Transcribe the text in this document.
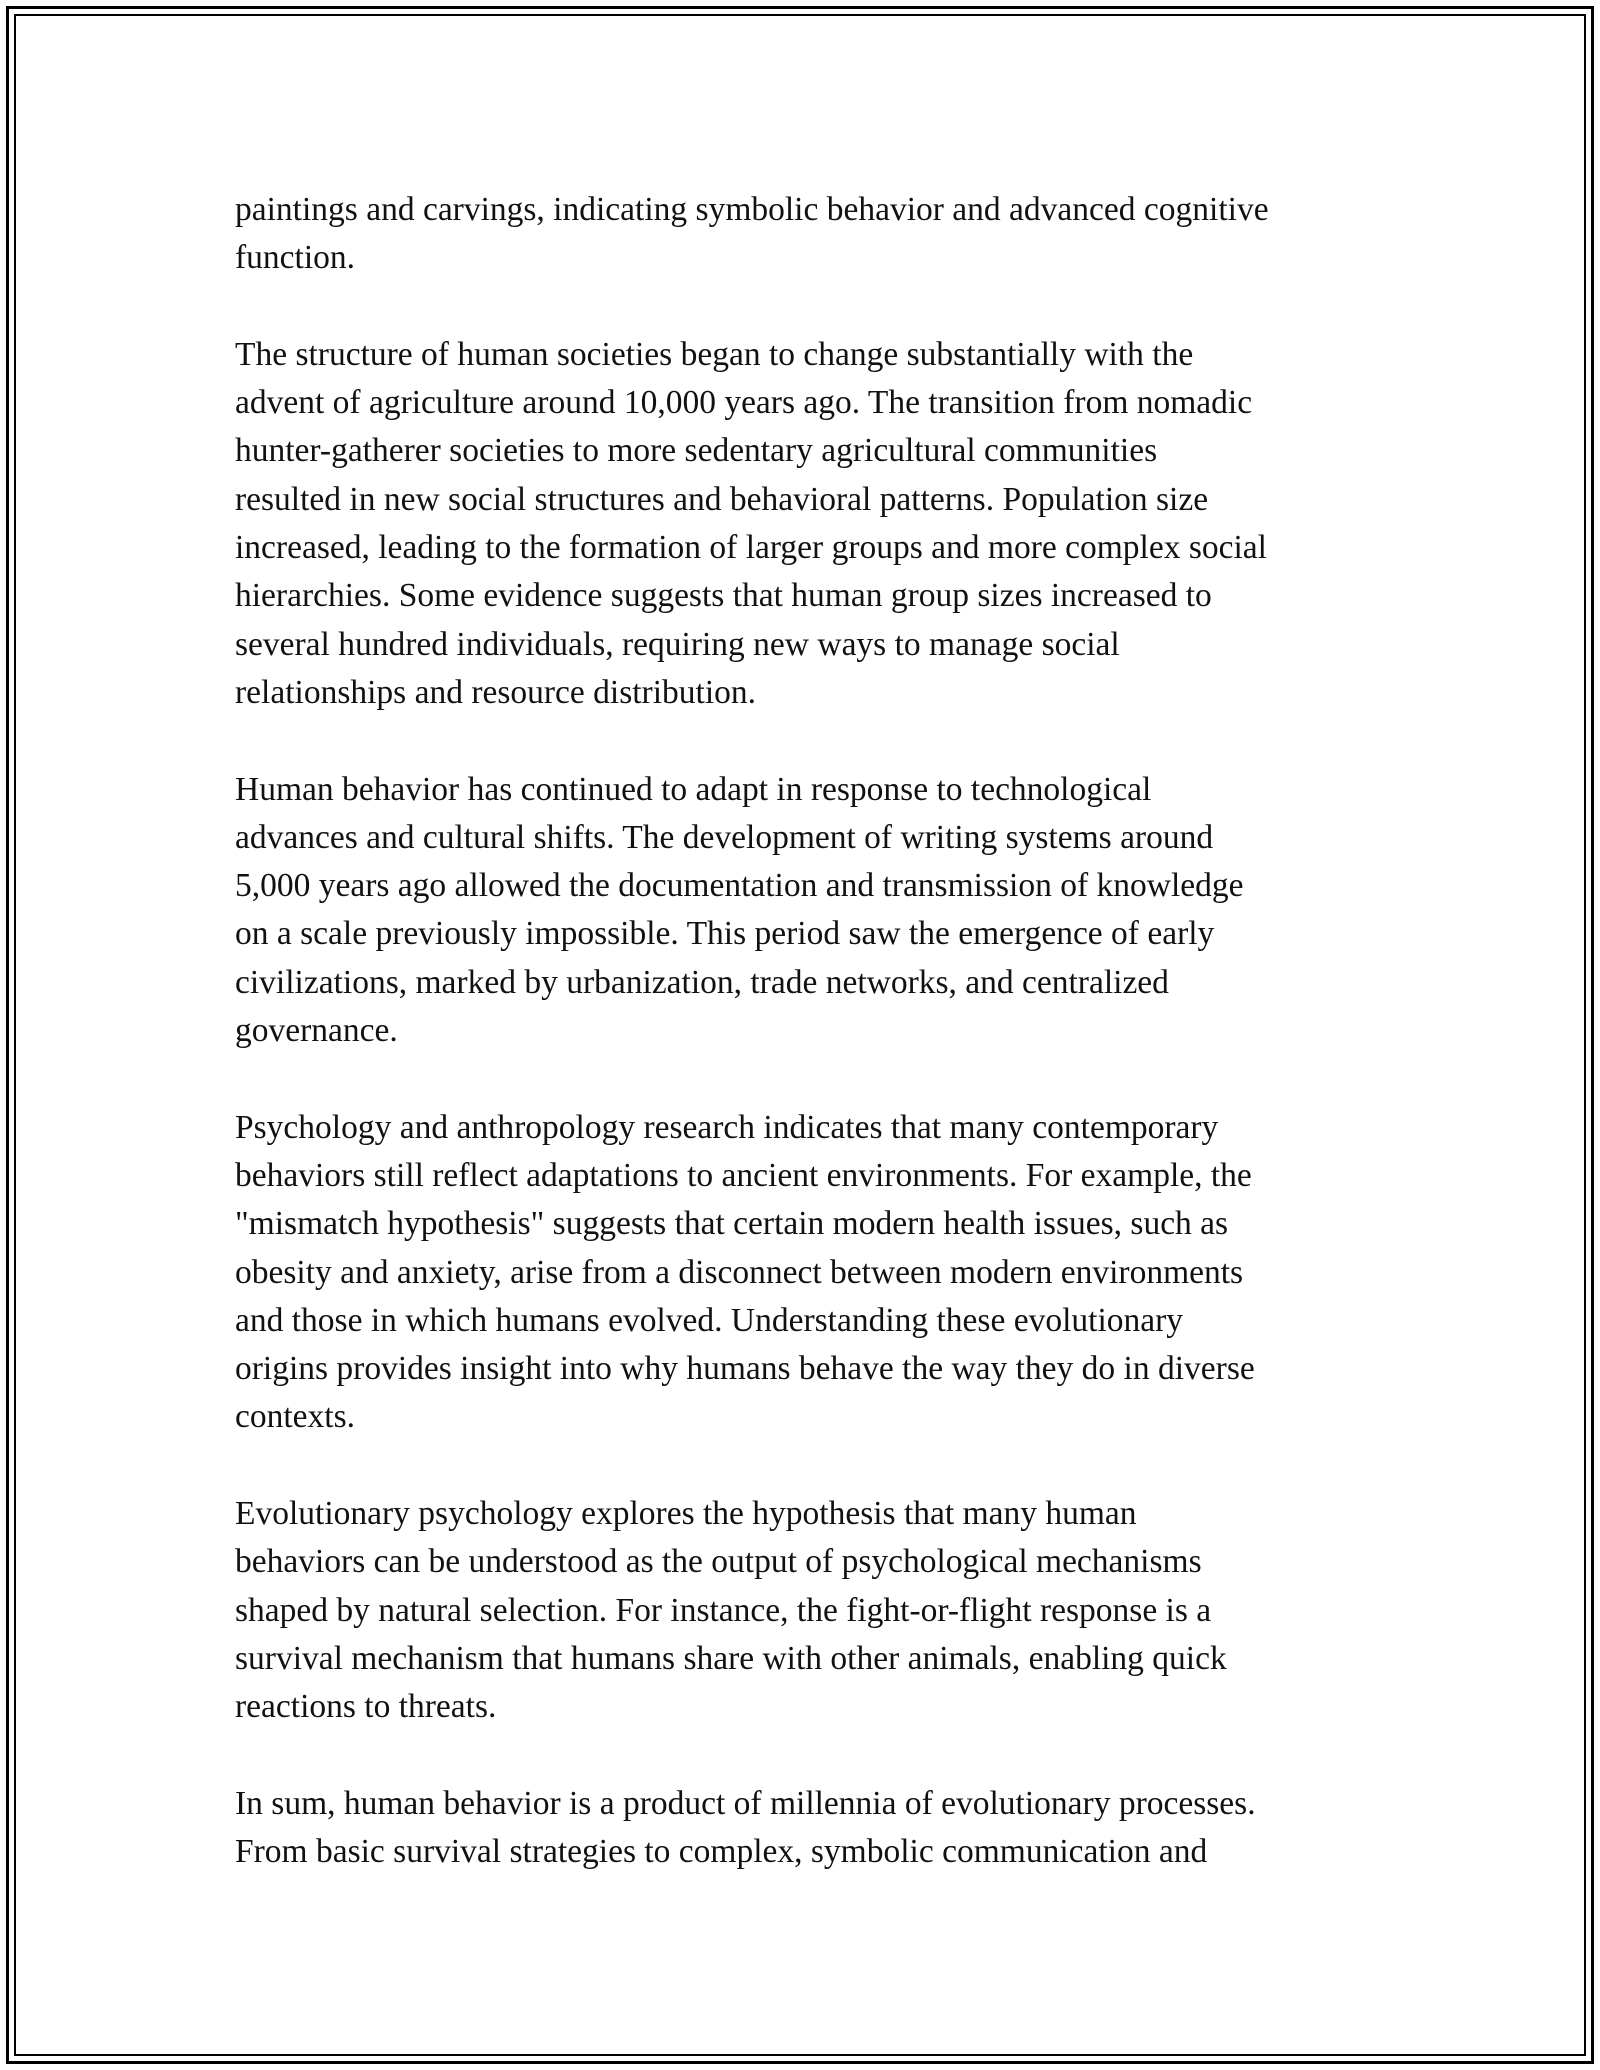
paintings and carvings, indicating symbolic behavior and advanced cognitive
function.

The structure of human societies began to change substantially with the
advent of agriculture around 10,000 years ago. The transition from nomadic
hunter-gatherer societies to more sedentary agricultural communities
resulted in new social structures and behavioral patterns. Population size
increased, leading to the formation of larger groups and more complex social
hierarchies. Some evidence suggests that human group sizes increased to
several hundred individuals, requiring new ways to manage social
relationships and resource distribution.

Human behavior has continued to adapt in response to technological
advances and cultural shifts. The development of writing systems around
5,000 years ago allowed the documentation and transmission of knowledge
on a scale previously impossible. This period saw the emergence of early
civilizations, marked by urbanization, trade networks, and centralized
governance.

Psychology and anthropology research indicates that many contemporary
behaviors still reflect adaptations to ancient environments. For example, the
"mismatch hypothesis" suggests that certain modern health issues, such as
obesity and anxiety, arise from a disconnect between modern environments
and those in which humans evolved. Understanding these evolutionary
origins provides insight into why humans behave the way they do in diverse
contexts.

Evolutionary psychology explores the hypothesis that many human
behaviors can be understood as the output of psychological mechanisms
shaped by natural selection. For instance, the fight-or-flight response is a
survival mechanism that humans share with other animals, enabling quick
reactions to threats.

In sum, human behavior is a product of millennia of evolutionary processes.
From basic survival strategies to complex, symbolic communication and
